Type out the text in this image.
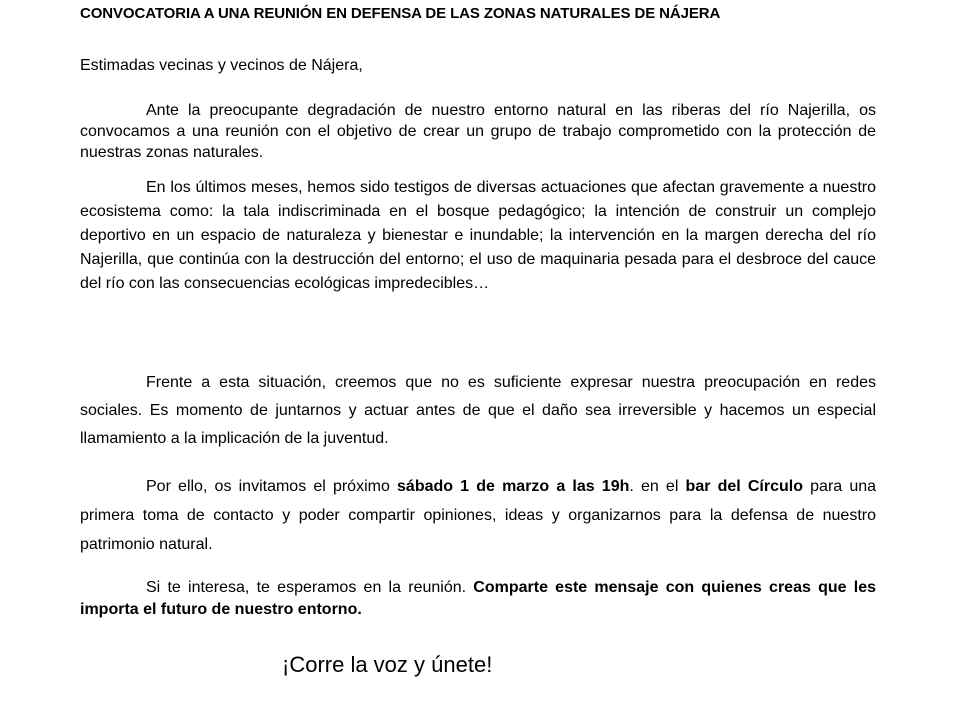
CONVOCATORIA A UNA REUNIÓN EN DEFENSA DE LAS ZONAS NATURALES DE NÁJERA
Estimadas vecinas y vecinos de Nájera,

Ante la preocupante degradación de nuestro entorno natural en las riberas del río Najerilla, os convocamos a una reunión con el objetivo de crear un grupo de trabajo comprometido con la protección de nuestras zonas naturales.

En los últimos meses, hemos sido testigos de diversas actuaciones que afectan gravemente a nuestro ecosistema como: la tala indiscriminada en el bosque pedagógico; la intención de construir un complejo deportivo en un espacio de naturaleza y bienestar e inundable; la intervención en la margen derecha del río Najerilla, que continúa con la destrucción del entorno; el uso de maquinaria pesada para el desbroce del cauce del río con las consecuencias ecológicas impredecibles…

Frente a esta situación, creemos que no es suficiente expresar nuestra preocupación en redes sociales. Es momento de juntarnos y actuar antes de que el daño sea irreversible y hacemos un especial llamamiento a la implicación de la juventud.

Por ello, os invitamos el próximo sábado 1 de marzo a las 19h. en el bar del Círculo para una primera toma de contacto y poder compartir opiniones, ideas y organizarnos para la defensa de nuestro patrimonio natural.

Si te interesa, te esperamos en la reunión. Comparte este mensaje con quienes creas que les importa el futuro de nuestro entorno.

¡Corre la voz y únete!
